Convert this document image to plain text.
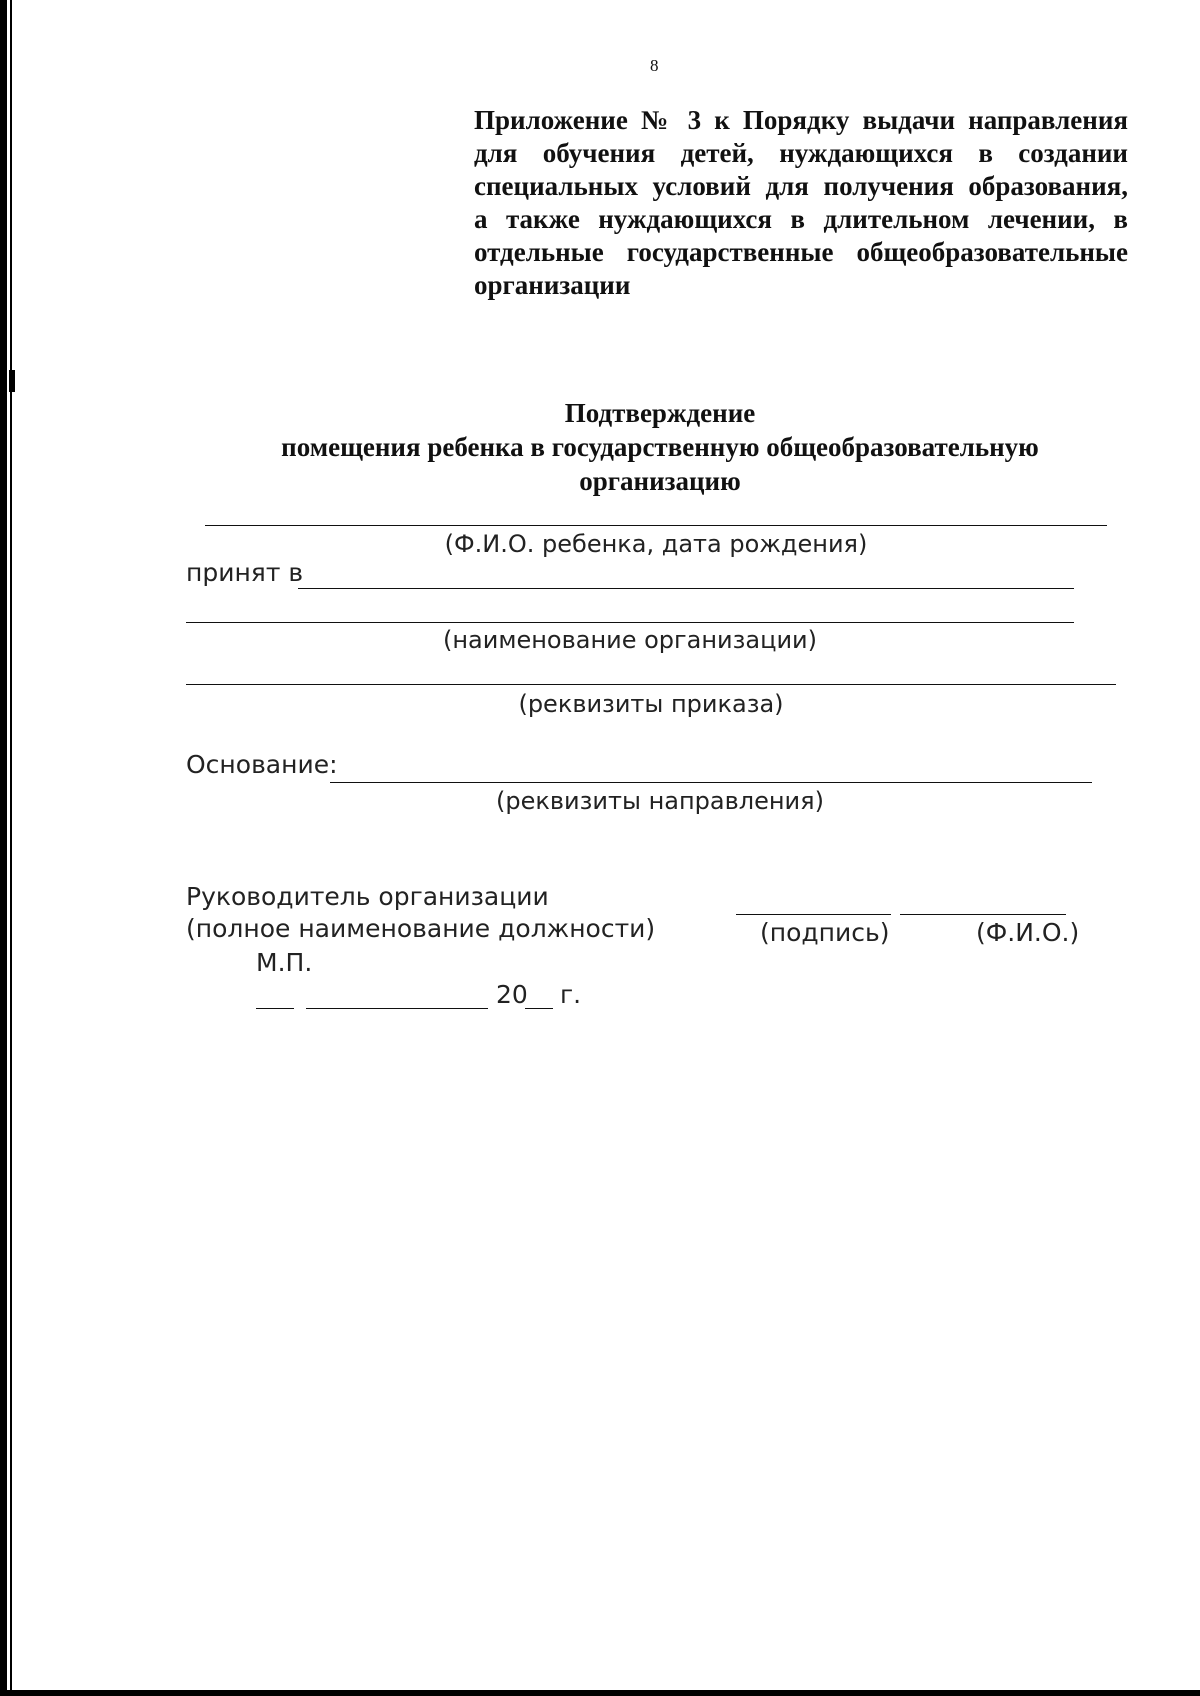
8
Приложение № 3 к Порядку выдачи направления
для обучения детей, нуждающихся в создании
специальных условий для получения образования,
а также нуждающихся в длительном лечении, в
отдельные государственные общеобразовательные
организации
Подтверждение
помещения ребенка в государственную общеобразовательную
организацию
(Ф.И.О. ребенка, дата рождения)
принят в
(наименование организации)
(реквизиты приказа)
Основание:
(реквизиты направления)
Руководитель организации
(полное наименование должности)	(подпись)	(Ф.И.О.)
М.П.
20 г.
